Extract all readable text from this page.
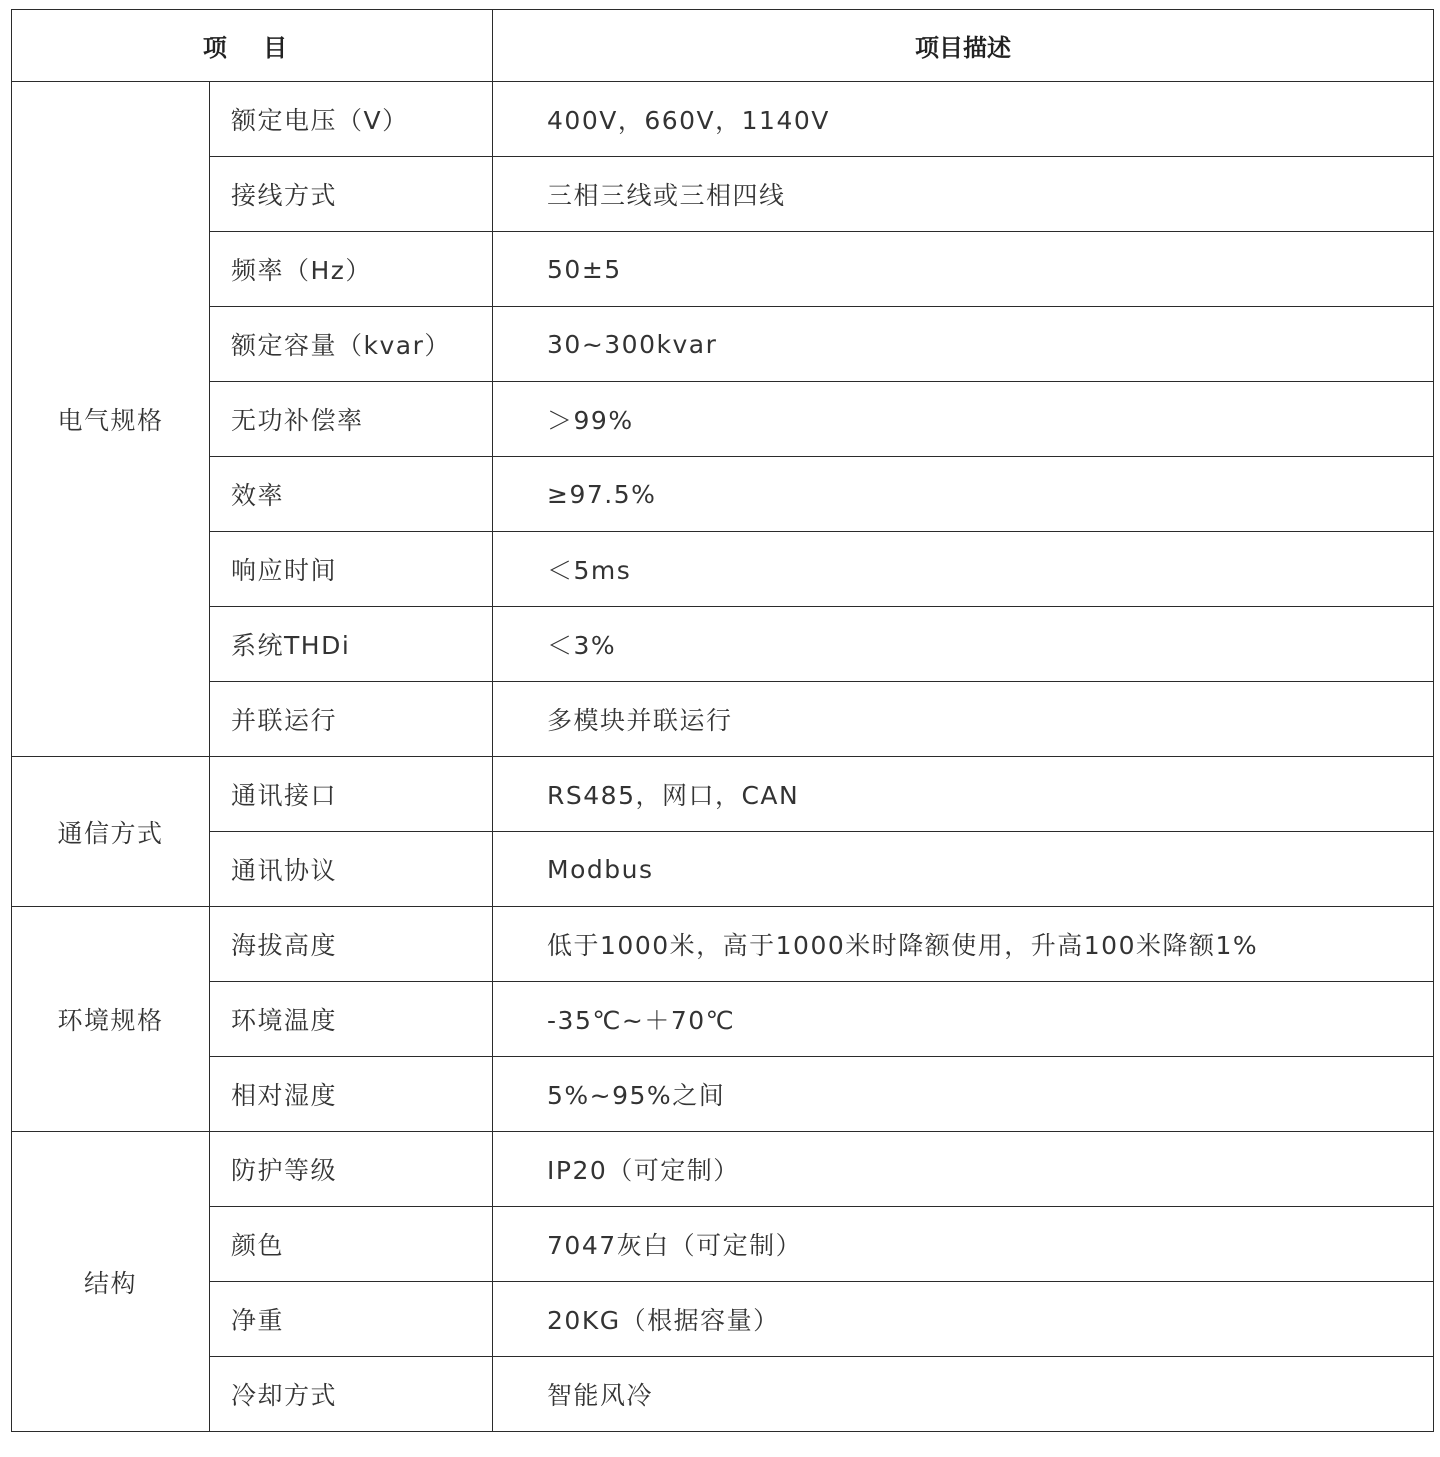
项 目		项目描述
电气规格	额定电压（V）	400V，660V，1140V
	接线方式	三相三线或三相四线
	频率（Hz）	50±5
	额定容量（kvar）	30~300kvar
	无功补偿率	＞99%
	效率	≥97.5%
	响应时间	＜5ms
	系统THDi	＜3%
	并联运行	多模块并联运行
通信方式	通讯接口	RS485，网口，CAN
	通讯协议	Modbus
环境规格	海拔高度	低于1000米，高于1000米时降额使用，升高100米降额1%
	环境温度	-35℃~＋70℃
	相对湿度	5%~95%之间
结构	防护等级	IP20（可定制）
	颜色	7047灰白（可定制）
	净重	20KG（根据容量）
	冷却方式	智能风冷
